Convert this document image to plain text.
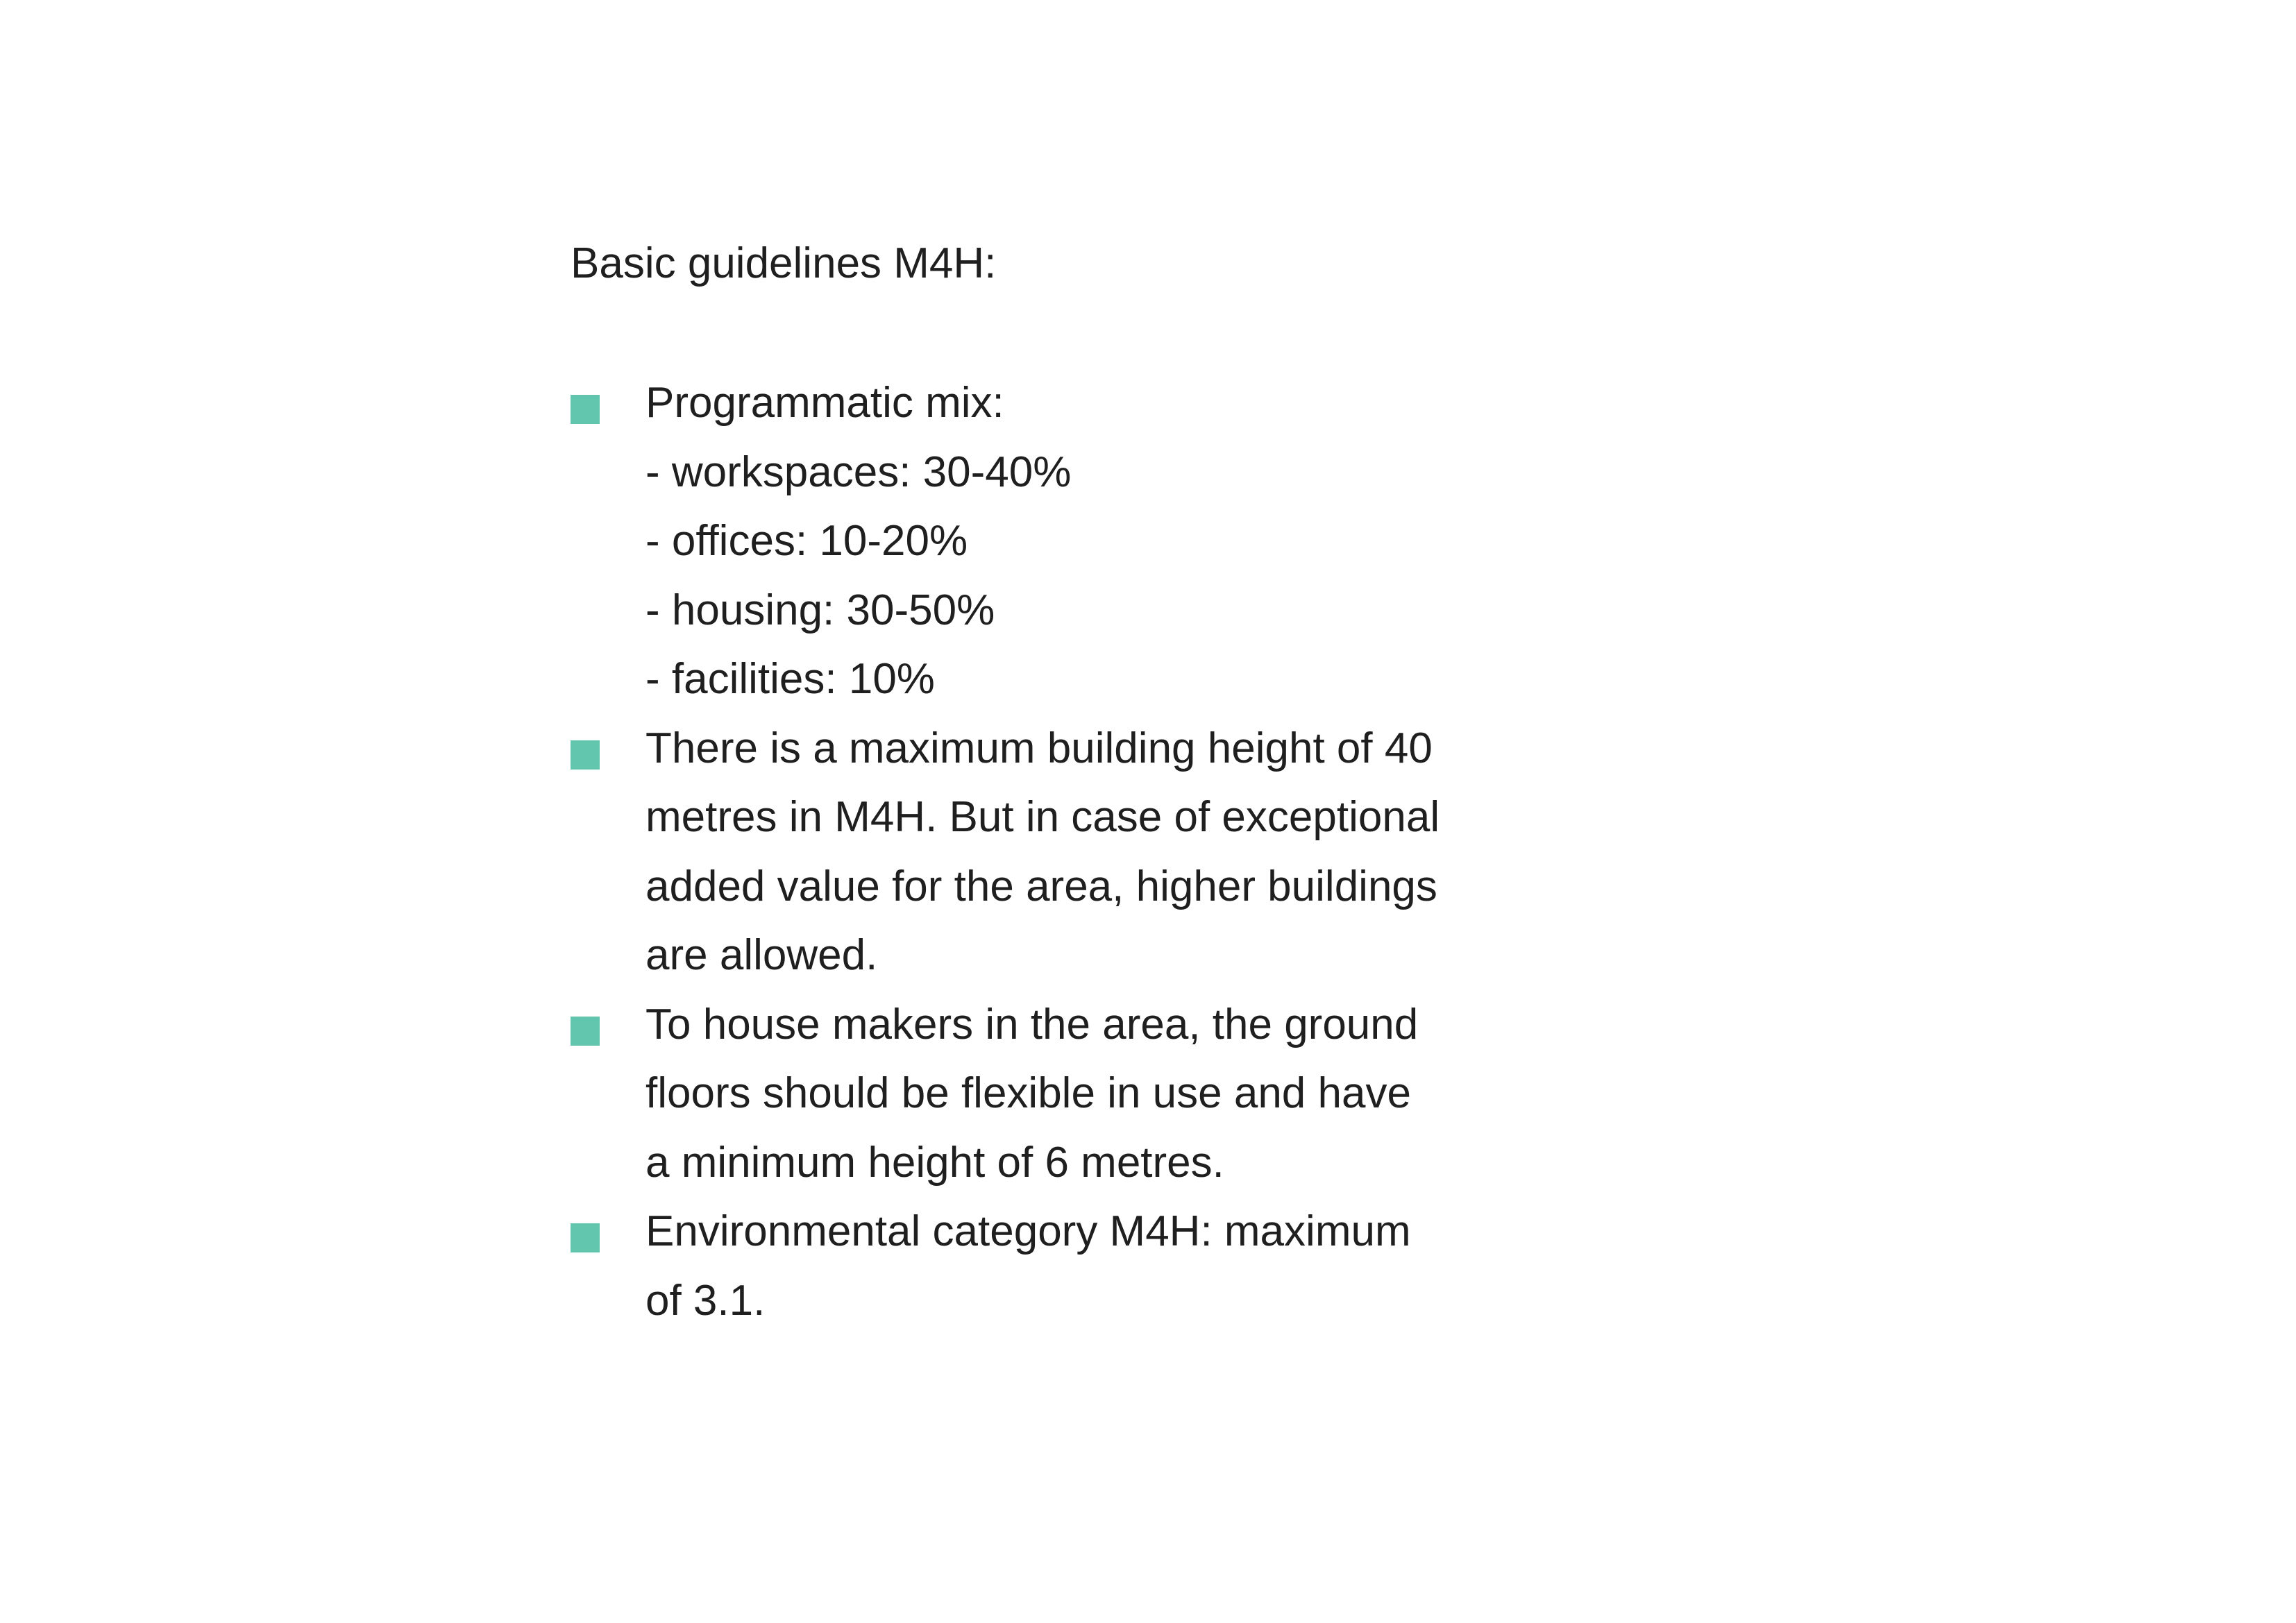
Basic guidelines M4H:
Programmatic mix:
- workspaces: 30-40%
- offices: 10-20%
- housing: 30-50%
- facilities: 10%
There is a maximum building height of 40
metres in M4H. But in case of exceptional
added value for the area, higher buildings
are allowed.
To house makers in the area, the ground
floors should be flexible in use and have
a minimum height of 6 metres.
Environmental category M4H: maximum
of 3.1.
